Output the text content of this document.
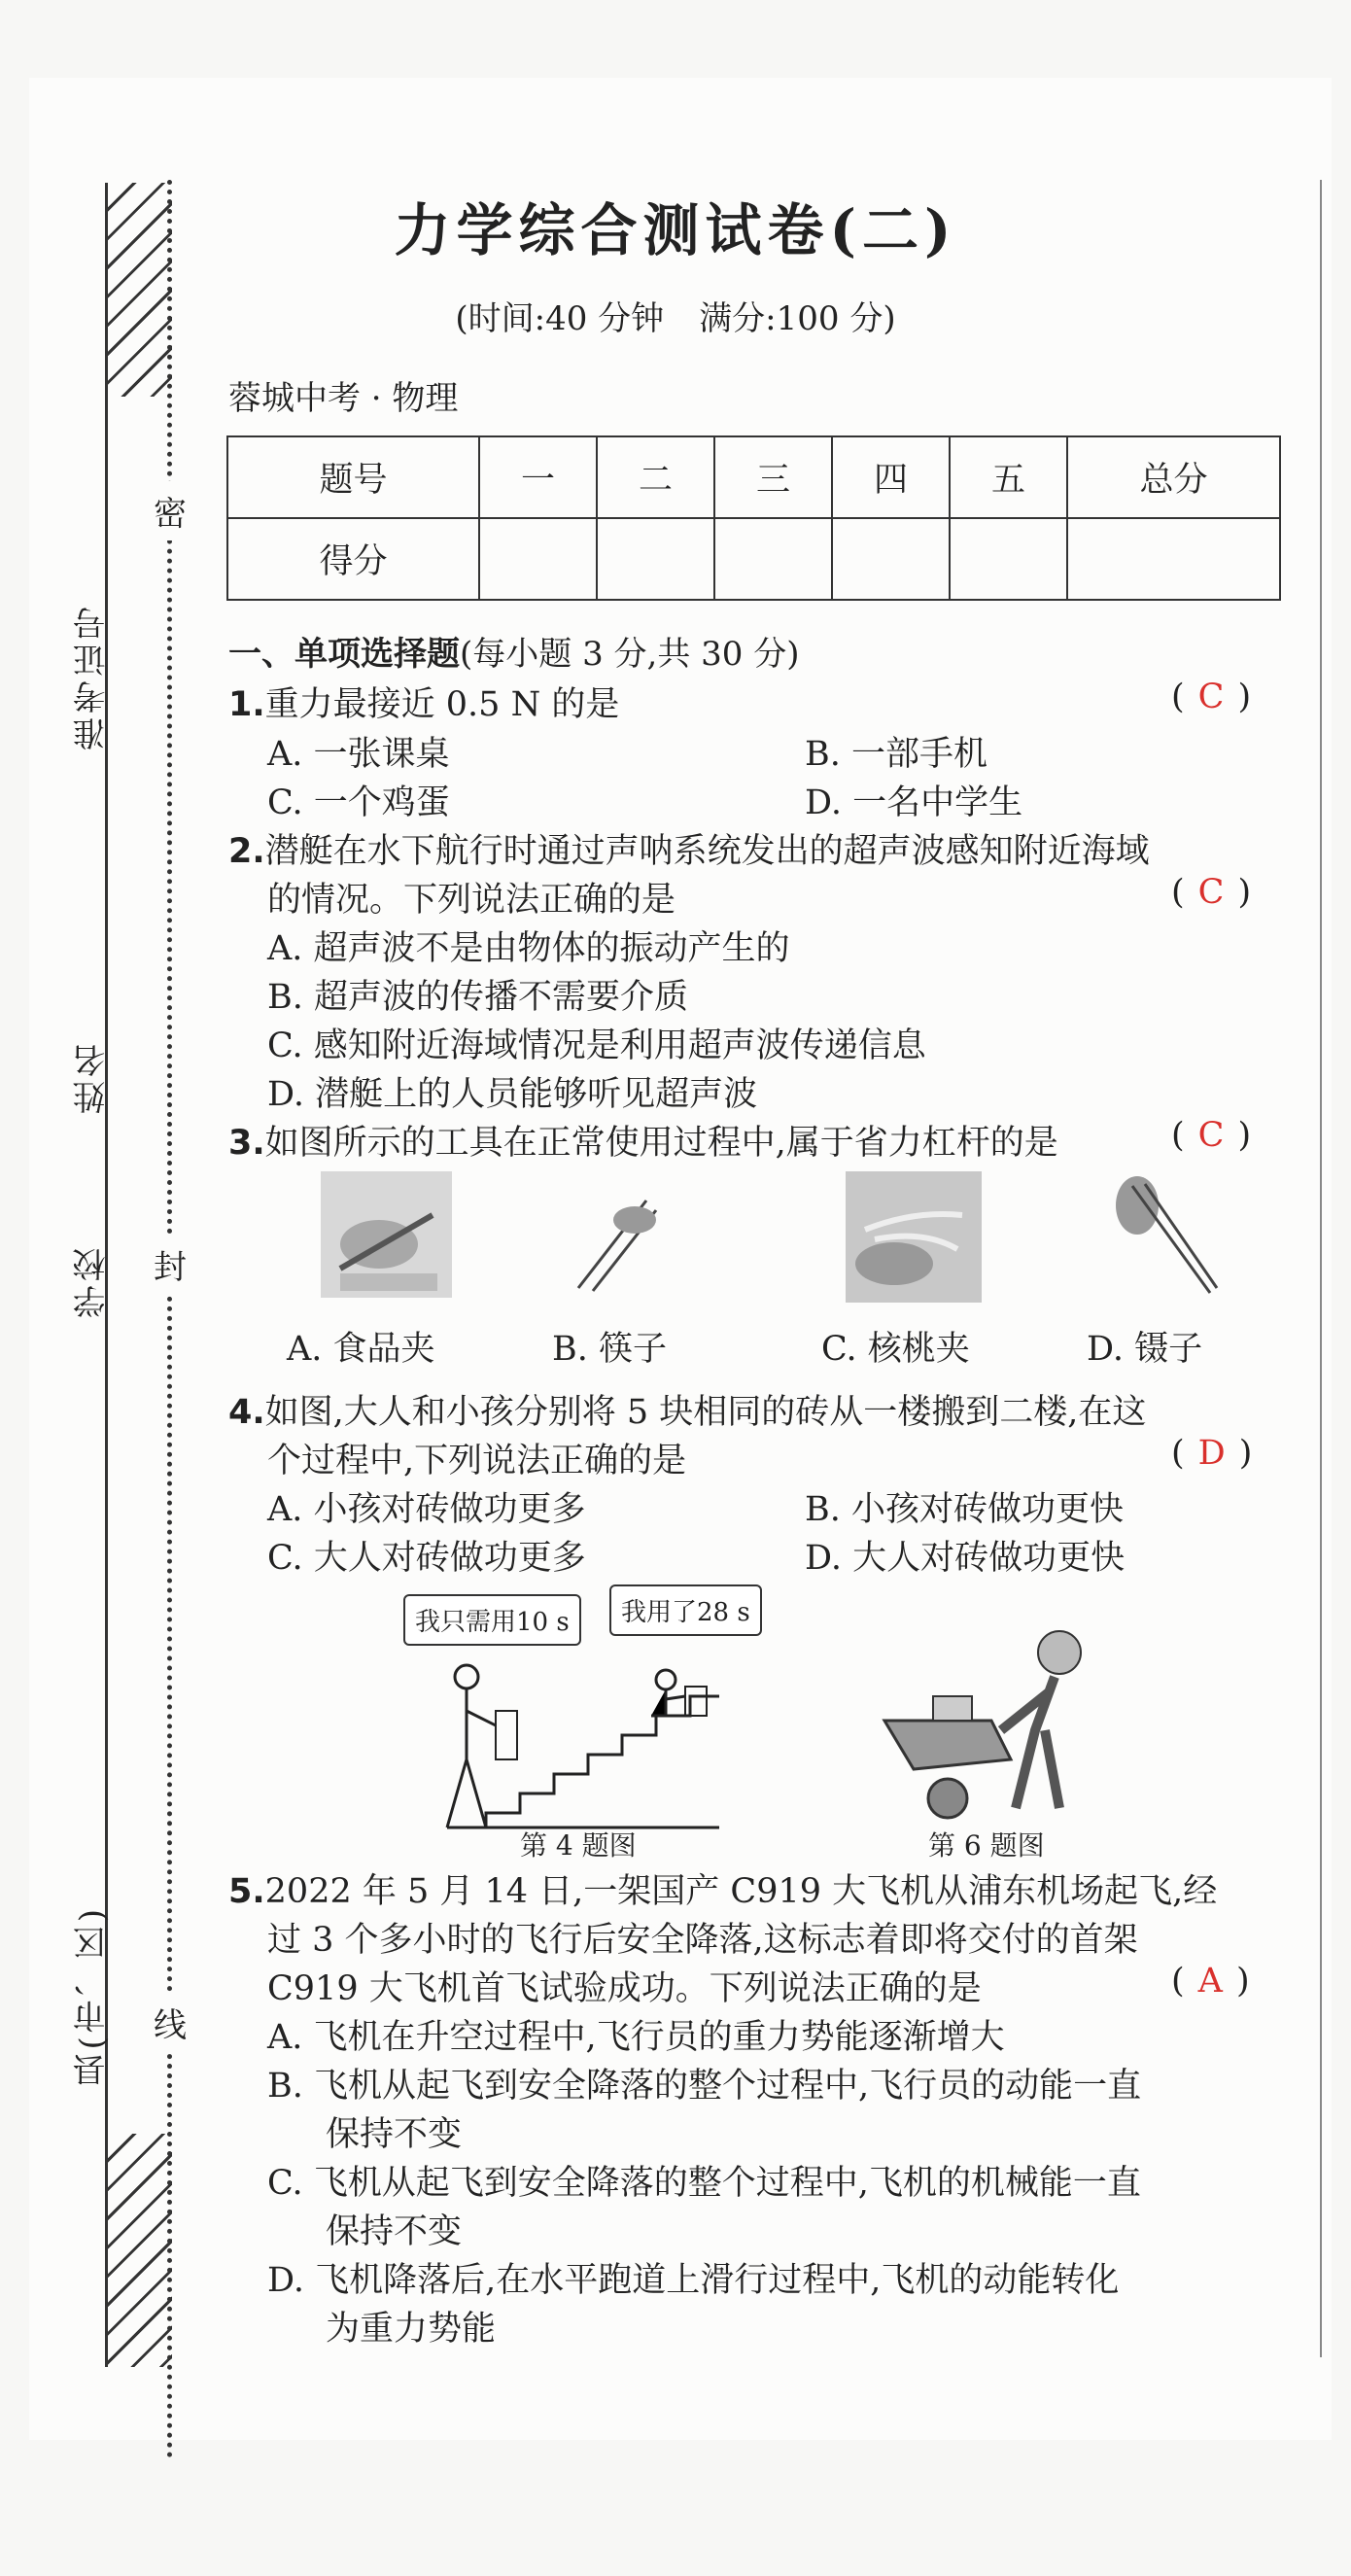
密
封
线
准考证号
姓名
学校
县(市、区)
力学综合测试卷(二)
(时间:40 分钟 满分:100 分)
蓉城中考 · 物理
题号	一	二	三	四	五	总分
得分						
一、单项选择题(每小题 3 分,共 30 分)
1.重力最接近 0.5 N 的是	( C )
A. 一张课桌	B. 一部手机
C. 一个鸡蛋	D. 一名中学生
2.潜艇在水下航行时通过声呐系统发出的超声波感知附近海域
的情况。下列说法正确的是	( C )
A. 超声波不是由物体的振动产生的
B. 超声波的传播不需要介质
C. 感知附近海域情况是利用超声波传递信息
D. 潜艇上的人员能够听见超声波
3.如图所示的工具在正常使用过程中,属于省力杠杆的是	( C )
A. 食品夹	B. 筷子	C. 核桃夹	D. 镊子
4.如图,大人和小孩分别将 5 块相同的砖从一楼搬到二楼,在这
个过程中,下列说法正确的是	( D )
A. 小孩对砖做功更多	B. 小孩对砖做功更快
C. 大人对砖做功更多	D. 大人对砖做功更快
我只需用10 s	我用了28 s
第 4 题图	第 6 题图
5.2022 年 5 月 14 日,一架国产 C919 大飞机从浦东机场起飞,经
过 3 个多小时的飞行后安全降落,这标志着即将交付的首架
C919 大飞机首飞试验成功。下列说法正确的是	( A )
A. 飞机在升空过程中,飞行员的重力势能逐渐增大
B. 飞机从起飞到安全降落的整个过程中,飞行员的动能一直
保持不变
C. 飞机从起飞到安全降落的整个过程中,飞机的机械能一直
保持不变
D. 飞机降落后,在水平跑道上滑行过程中,飞机的动能转化
为重力势能
